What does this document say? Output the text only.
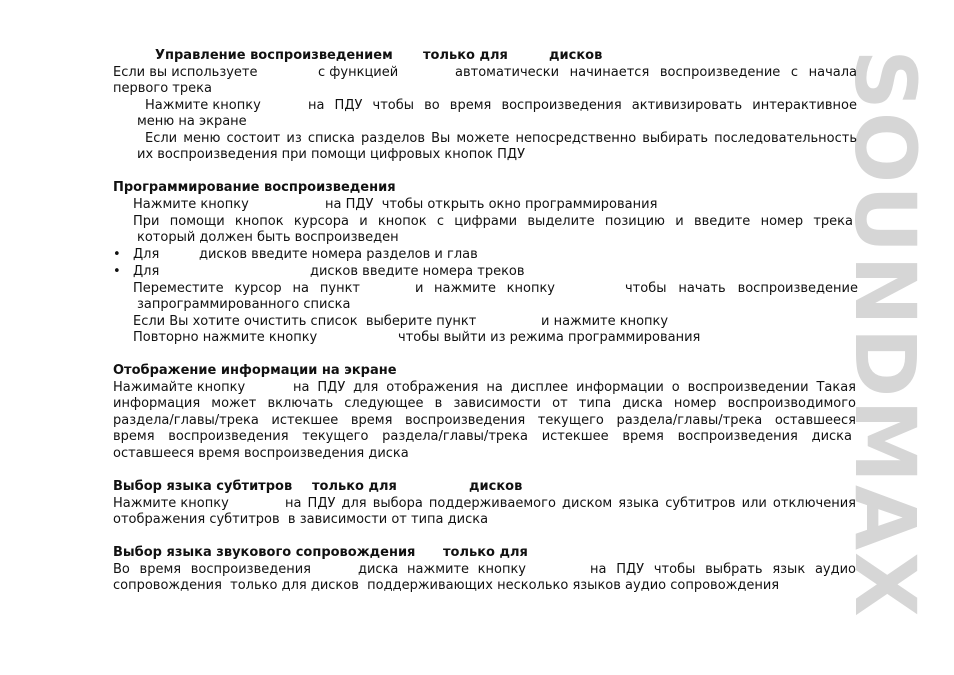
SOUNDMAX
Управление воспроизведением только для	дисков
Если вы используете	с функцией	автоматически начинается воспроизведение с начала
первого трека
Нажмите кнопку	на ПДУ чтобы во время воспроизведения активизировать интерактивное
меню на экране
Если меню состоит из списка разделов Вы можете непосредственно выбирать последовательность
их воспроизведения при помощи цифровых кнопок ПДУ
Программирование воспроизведения
Нажмите кнопку	на ПДУ  чтобы открыть окно программирования
При помощи кнопок курсора и кнопок с цифрами выделите позицию и введите номер трека
который должен быть воспроизведен
• Для	дисков введите номера разделов и глав
• Для	дисков введите номера треков
Переместите курсор на пункт	и нажмите кнопку	чтобы начать воспроизведение
запрограммированного списка
Если Вы хотите очистить список  выберите пункт	и нажмите кнопку
Повторно нажмите кнопку	чтобы выйти из режима программирования
Отображение информации на экране
Нажимайте кнопку	на ПДУ для отображения на дисплее информации о воспроизведении Такая
информация может включать следующее в зависимости от типа диска номер воспроизводимого
раздела/главы/трека истекшее время воспроизведения текущего раздела/главы/трека оставшееся
время воспроизведения текущего раздела/главы/трека истекшее время воспроизведения диска
оставшееся время воспроизведения диска
Выбор языка субтитров только для	дисков
Нажмите кнопку	на ПДУ для выбора поддерживаемого диском языка субтитров или отключения
отображения субтитров  в зависимости от типа диска
Выбор языка звукового сопровождения только для
Во время воспроизведения	диска нажмите кнопку	на ПДУ чтобы выбрать язык аудио
сопровождения  только для дисков  поддерживающих несколько языков аудио сопровождения
